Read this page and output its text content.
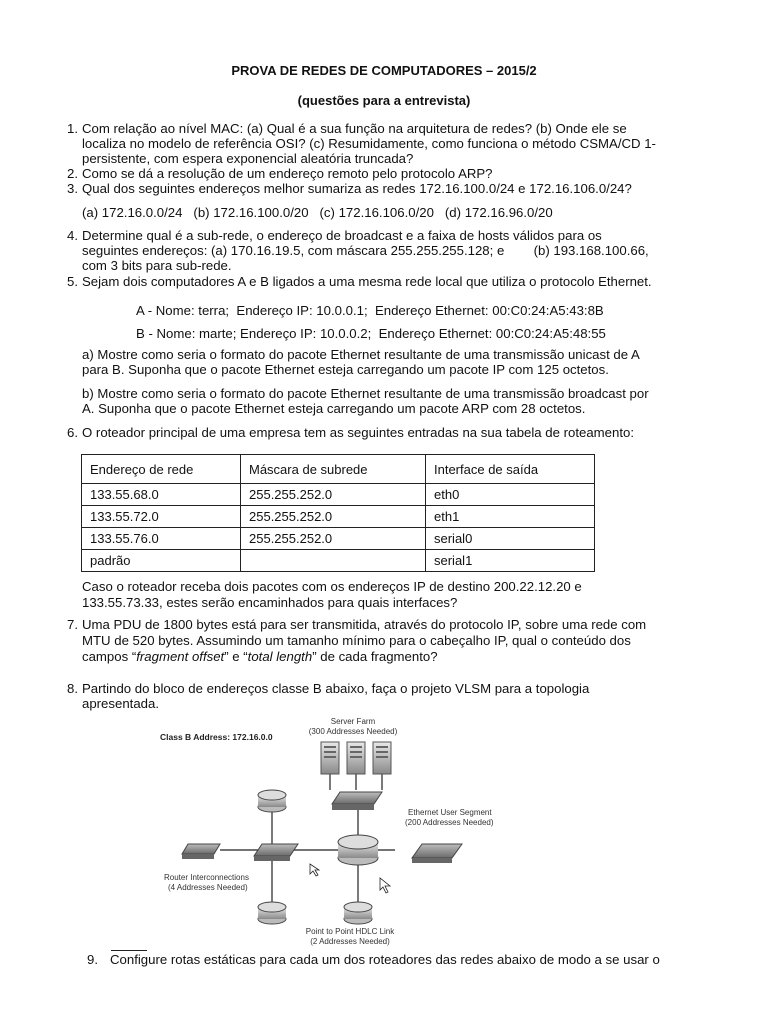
PROVA DE REDES DE COMPUTADORES – 2015/2
(questões para a entrevista)
1. Com relação ao nível MAC: (a) Qual é a sua função na arquitetura de redes? (b) Onde ele se
localiza no modelo de referência OSI? (c) Resumidamente, como funciona o método CSMA/CD 1-
persistente, com espera exponencial aleatória truncada?
2. Como se dá a resolução de um endereço remoto pelo protocolo ARP?
3. Qual dos seguintes endereços melhor sumariza as redes 172.16.100.0/24 e 172.16.106.0/24?
(a) 172.16.0.0/24   (b) 172.16.100.0/20   (c) 172.16.106.0/20   (d) 172.16.96.0/20
4. Determine qual é a sub-rede, o endereço de broadcast e a faixa de hosts válidos para os
seguintes endereços: (a) 170.16.19.5, com máscara 255.255.255.128; e        (b) 193.168.100.66,
com 3 bits para sub-rede.
5. Sejam dois computadores A e B ligados a uma mesma rede local que utiliza o protocolo Ethernet.
A - Nome: terra;  Endereço IP: 10.0.0.1;  Endereço Ethernet: 00:C0:24:A5:43:8B
B - Nome: marte; Endereço IP: 10.0.0.2;  Endereço Ethernet: 00:C0:24:A5:48:55
a) Mostre como seria o formato do pacote Ethernet resultante de uma transmissão unicast de A
para B. Suponha que o pacote Ethernet esteja carregando um pacote IP com 125 octetos.
b) Mostre como seria o formato do pacote Ethernet resultante de uma transmissão broadcast por
A. Suponha que o pacote Ethernet esteja carregando um pacote ARP com 28 octetos.
6. O roteador principal de uma empresa tem as seguintes entradas na sua tabela de roteamento:
Endereço de rede	Máscara de subrede	Interface de saída
133.55.68.0	255.255.252.0	eth0
133.55.72.0	255.255.252.0	eth1
133.55.76.0	255.255.252.0	serial0
padrão		serial1
Caso o roteador receba dois pacotes com os endereços IP de destino 200.22.12.20 e
133.55.73.33, estes serão encaminhados para quais interfaces?
7. Uma PDU de 1800 bytes está para ser transmitida, através do protocolo IP, sobre uma rede com
MTU de 520 bytes. Assumindo um tamanho mínimo para o cabeçalho IP, qual o conteúdo dos
campos “fragment offset” e “total length” de cada fragmento?
8. Partindo do bloco de endereços classe B abaixo, faça o projeto VLSM para a topologia
apresentada.
Class B Address: 172.16.0.0
Server Farm
(300 Addresses Needed)
Ethernet User Segment
(200 Addresses Needed)
Router Interconnections
(4 Addresses Needed)
Point to Point HDLC Link
(2 Addresses Needed)
9. Configure rotas estáticas para cada um dos roteadores das redes abaixo de modo a se usar o
